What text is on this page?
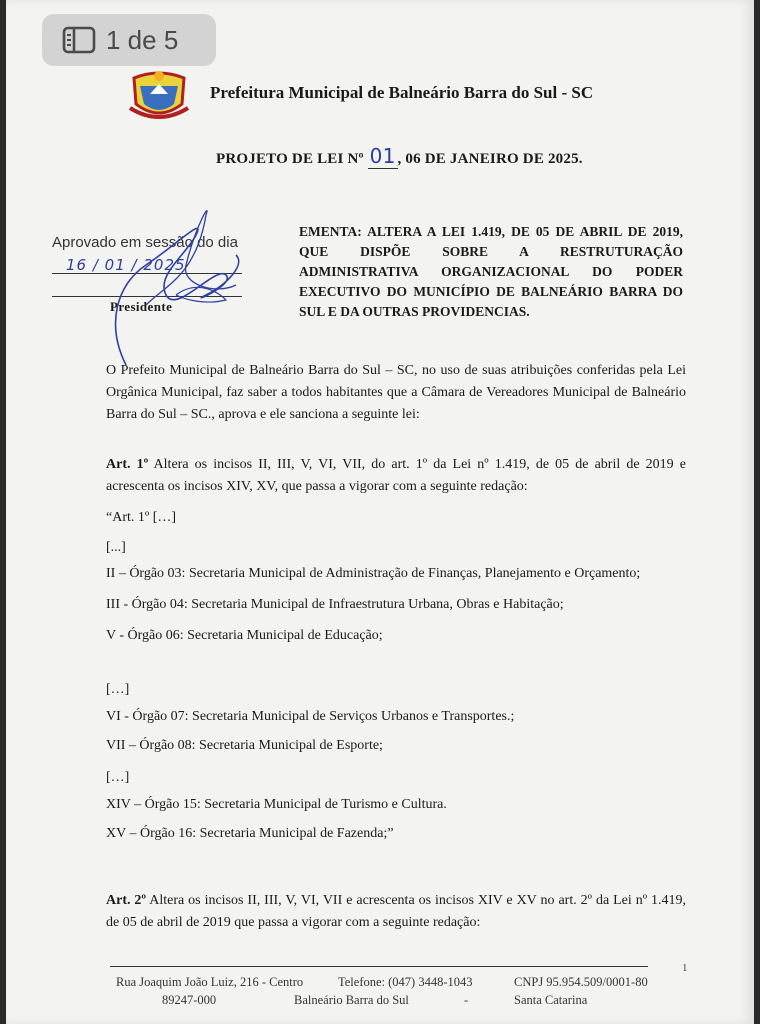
Prefeitura Municipal de Balneário Barra do Sul - SC
PROJETO DE LEI Nº 01 , 06 DE JANEIRO DE 2025.
EMENTA: ALTERA A LEI 1.419, DE 05 DE ABRIL DE 2019, QUE DISPÕE SOBRE A RESTRUTURAÇÃO ADMINISTRATIVA ORGANIZACIONAL DO PODER EXECUTIVO DO MUNICÍPIO DE BALNEÁRIO BARRA DO SUL E DA OUTRAS PROVIDENCIAS.
Aprovado em sessão do dia
16 / 01 / 2025
Presidente
O Prefeito Municipal de Balneário Barra do Sul – SC, no uso de suas atribuições conferidas pela Lei Orgânica Municipal, faz saber a todos habitantes que a Câmara de Vereadores Municipal de Balneário Barra do Sul – SC., aprova e ele sanciona a seguinte lei:
Art. 1º Altera os incisos II, III, V, VI, VII, do art. 1º da Lei nº 1.419, de 05 de abril de 2019 e acrescenta os incisos XIV, XV, que passa a vigorar com a seguinte redação:
“Art. 1º […]
[...]
II – Órgão 03: Secretaria Municipal de Administração de Finanças, Planejamento e Orçamento;
III - Órgão 04: Secretaria Municipal de Infraestrutura Urbana, Obras e Habitação;
V - Órgão 06: Secretaria Municipal de Educação;
[…]
VI - Órgão 07: Secretaria Municipal de Serviços Urbanos e Transportes.;
VII – Órgão 08: Secretaria Municipal de Esporte;
[…]
XIV – Órgão 15: Secretaria Municipal de Turismo e Cultura.
XV – Órgão 16: Secretaria Municipal de Fazenda;”
Art. 2º Altera os incisos II, III, V, VI, VII e acrescenta os incisos XIV e XV no art. 2º da Lei nº 1.419, de 05 de abril de 2019 que passa a vigorar com a seguinte redação:
1
Rua Joaquim João Luiz, 216 - Centro	Telefone: (047) 3448-1043	CNPJ 95.954.509/0001-80
89247-000	Balneário Barra do Sul	-	Santa Catarina
1 de 5
